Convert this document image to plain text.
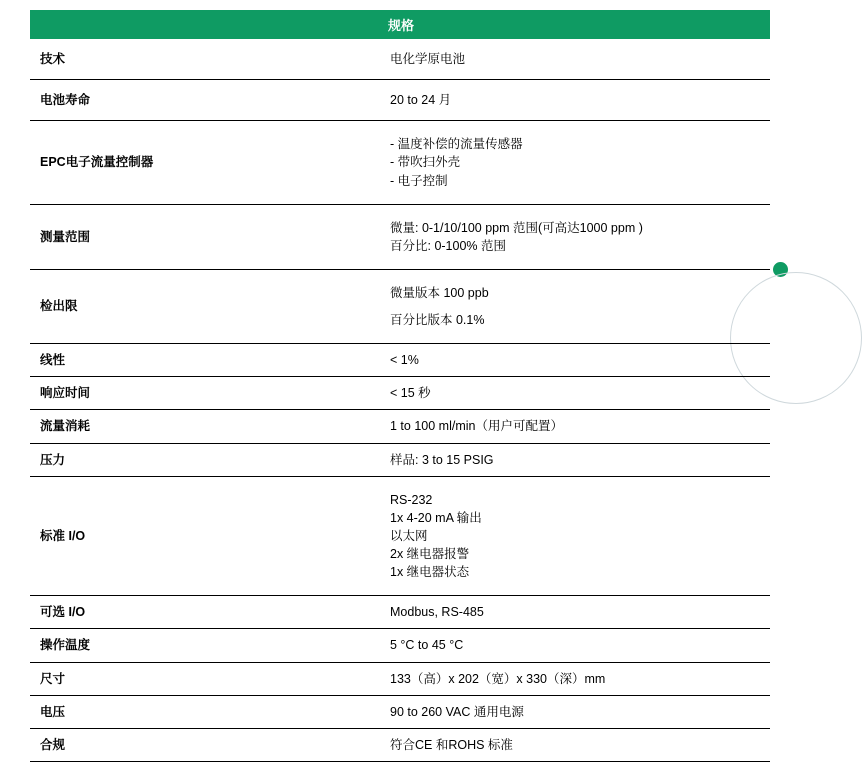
	规格
技术	电化学原电池

电池寿命	20 to 24 月

EPC电子流量控制器	- 温度补偿的流量传感器
- 带吹扫外壳
- 电子控制

测量范围	微量: 0-1/10/100 ppm 范围(可高达1000 ppm )
百分比: 0-100% 范围

检出限	微量版本 100 ppb
百分比版本 0.1%

线性	< 1%

响应时间	< 15 秒

流量消耗	1 to 100 ml/min（用户可配置）

压力	样品: 3 to 15 PSIG

标准 I/O	RS-232
1x 4-20 mA 输出
以太网
2x 继电器报警
1x 继电器状态

可选 I/O	Modbus, RS-485

操作温度	5 °C to 45 °C

尺寸	133（高）x 202（宽）x 330（深）mm

电压	90 to 260 VAC 通用电源

合规	符合CE 和ROHS 标准
